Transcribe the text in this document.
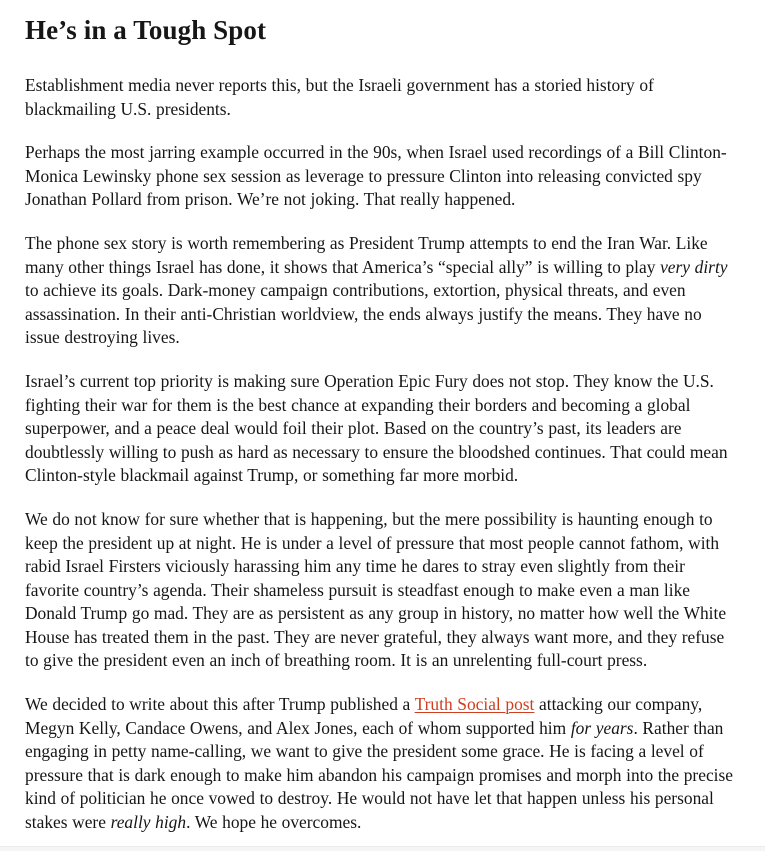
He’s in a Tough Spot

Establishment media never reports this, but the Israeli government has a storied history of blackmailing U.S. presidents.

Perhaps the most jarring example occurred in the 90s, when Israel used recordings of a Bill Clinton-Monica Lewinsky phone sex session as leverage to pressure Clinton into releasing convicted spy Jonathan Pollard from prison. We’re not joking. That really happened.

The phone sex story is worth remembering as President Trump attempts to end the Iran War. Like many other things Israel has done, it shows that America’s “special ally” is willing to play very dirty to achieve its goals. Dark-money campaign contributions, extortion, physical threats, and even assassination. In their anti-Christian worldview, the ends always justify the means. They have no issue destroying lives.

Israel’s current top priority is making sure Operation Epic Fury does not stop. They know the U.S. fighting their war for them is the best chance at expanding their borders and becoming a global superpower, and a peace deal would foil their plot. Based on the country’s past, its leaders are doubtlessly willing to push as hard as necessary to ensure the bloodshed continues. That could mean Clinton-style blackmail against Trump, or something far more morbid.

We do not know for sure whether that is happening, but the mere possibility is haunting enough to keep the president up at night. He is under a level of pressure that most people cannot fathom, with rabid Israel Firsters viciously harassing him any time he dares to stray even slightly from their favorite country’s agenda. Their shameless pursuit is steadfast enough to make even a man like Donald Trump go mad. They are as persistent as any group in history, no matter how well the White House has treated them in the past. They are never grateful, they always want more, and they refuse to give the president even an inch of breathing room. It is an unrelenting full-court press.

We decided to write about this after Trump published a Truth Social post attacking our company, Megyn Kelly, Candace Owens, and Alex Jones, each of whom supported him for years. Rather than engaging in petty name-calling, we want to give the president some grace. He is facing a level of pressure that is dark enough to make him abandon his campaign promises and morph into the precise kind of politician he once vowed to destroy. He would not have let that happen unless his personal stakes were really high. We hope he overcomes.
